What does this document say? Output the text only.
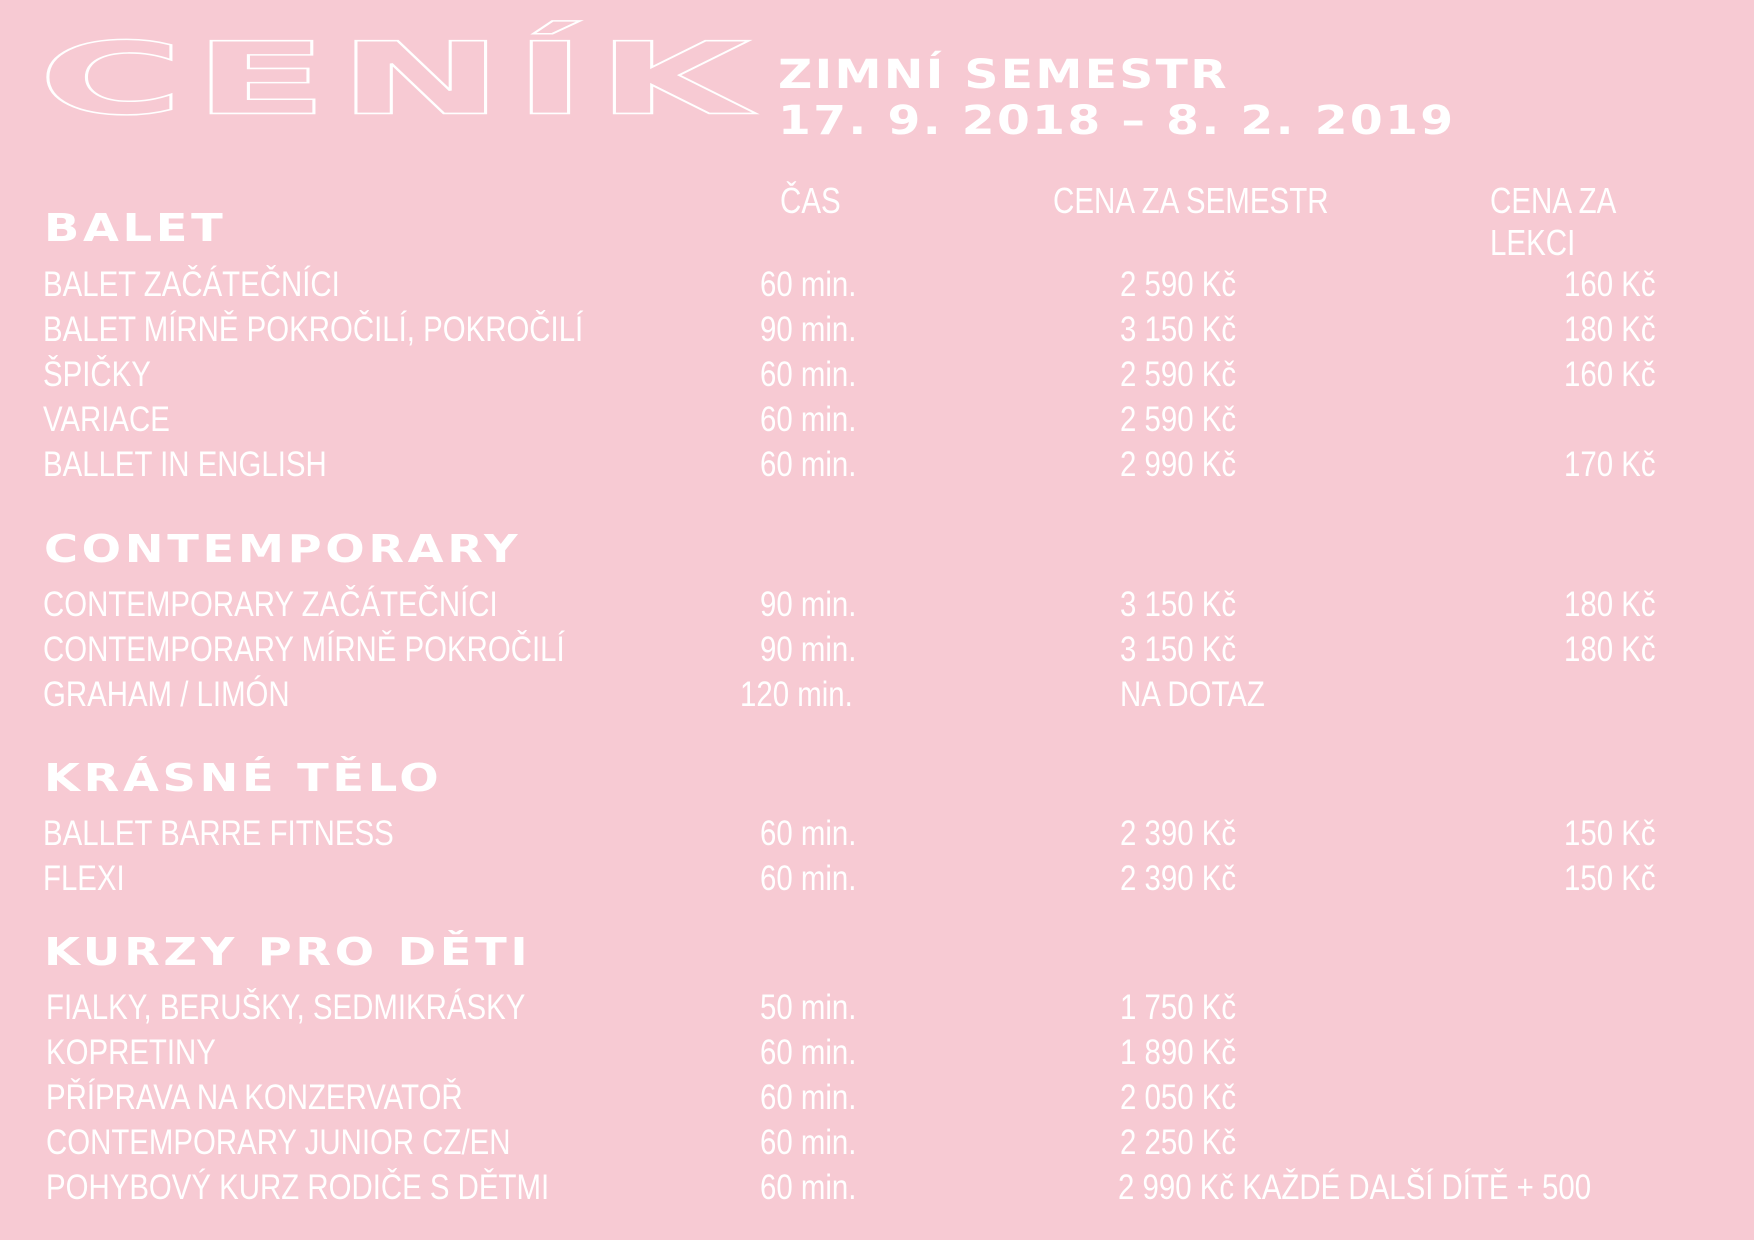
CENÍK ZIMNÍ SEMESTR
17. 9. 2018 – 8. 2. 2019
ČAS	CENA ZA SEMESTR	CENA ZA LEKCI
BALET
BALET ZAČÁTEČNÍCI	60 min.	2 590 Kč	160 Kč
BALET MÍRNĚ POKROČILÍ, POKROČILÍ	90 min.	3 150 Kč	180 Kč
ŠPIČKY	60 min.	2 590 Kč	160 Kč
VARIACE	60 min.	2 590 Kč
BALLET IN ENGLISH	60 min.	2 990 Kč	170 Kč
CONTEMPORARY
CONTEMPORARY ZAČÁTEČNÍCI	90 min.	3 150 Kč	180 Kč
CONTEMPORARY MÍRNĚ POKROČILÍ	90 min.	3 150 Kč	180 Kč
GRAHAM / LIMÓN	120 min.	NA DOTAZ
KRÁSNÉ TĚLO
BALLET BARRE FITNESS	60 min.	2 390 Kč	150 Kč
FLEXI	60 min.	2 390 Kč	150 Kč
KURZY PRO DĚTI
FIALKY, BERUŠKY, SEDMIKRÁSKY	50 min.	1 750 Kč
KOPRETINY	60 min.	1 890 Kč
PŘÍPRAVA NA KONZERVATOŘ	60 min.	2 050 Kč
CONTEMPORARY JUNIOR CZ/EN	60 min.	2 250 Kč
POHYBOVÝ KURZ RODIČE S DĚTMI	60 min.	2 990 Kč KAŽDÉ DALŠÍ DÍTĚ + 500
